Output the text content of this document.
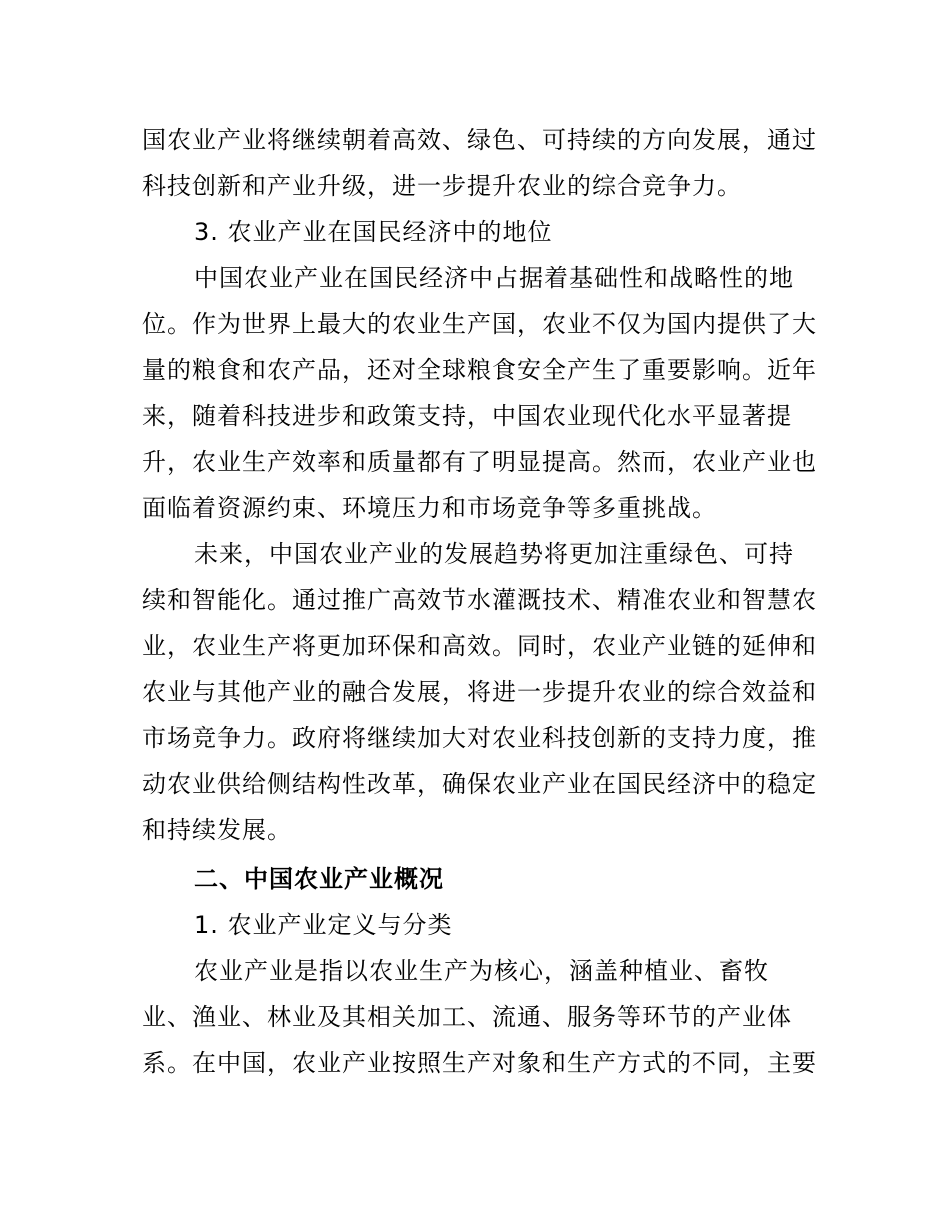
国农业产业将继续朝着高效、绿色、可持续的方向发展，通过
科技创新和产业升级，进一步提升农业的综合竞争力。
3. 农业产业在国民经济中的地位
中国农业产业在国民经济中占据着基础性和战略性的地
位。作为世界上最大的农业生产国，农业不仅为国内提供了大
量的粮食和农产品，还对全球粮食安全产生了重要影响。近年
来，随着科技进步和政策支持，中国农业现代化水平显著提
升，农业生产效率和质量都有了明显提高。然而，农业产业也
面临着资源约束、环境压力和市场竞争等多重挑战。
未来，中国农业产业的发展趋势将更加注重绿色、可持
续和智能化。通过推广高效节水灌溉技术、精准农业和智慧农
业，农业生产将更加环保和高效。同时，农业产业链的延伸和
农业与其他产业的融合发展，将进一步提升农业的综合效益和
市场竞争力。政府将继续加大对农业科技创新的支持力度，推
动农业供给侧结构性改革，确保农业产业在国民经济中的稳定
和持续发展。
二、中国农业产业概况
1. 农业产业定义与分类
农业产业是指以农业生产为核心，涵盖种植业、畜牧
业、渔业、林业及其相关加工、流通、服务等环节的产业体
系。在中国，农业产业按照生产对象和生产方式的不同，主要
